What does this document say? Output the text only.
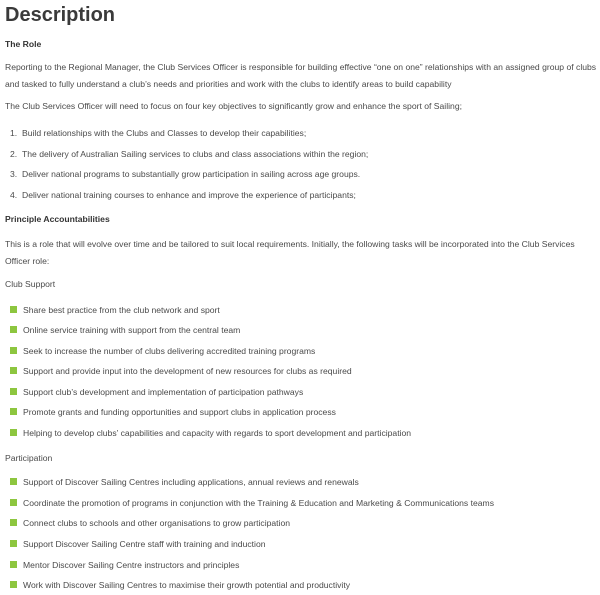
Description

The Role

Reporting to the Regional Manager, the Club Services Officer is responsible for building effective “one on one” relationships with an assigned group of clubs and tasked to fully understand a club’s needs and priorities and work with the clubs to identify areas to build capability

The Club Services Officer will need to focus on four key objectives to significantly grow and enhance the sport of Sailing;

1. Build relationships with the Clubs and Classes to develop their capabilities;

2. The delivery of Australian Sailing services to clubs and class associations within the region;

3. Deliver national programs to substantially grow participation in sailing across age groups.

4. Deliver national training courses to enhance and improve the experience of participants;

Principle Accountabilities

This is a role that will evolve over time and be tailored to suit local requirements. Initially, the following tasks will be incorporated into the Club Services Officer role:

Club Support

Share best practice from the club network and sport

Online service training with support from the central team

Seek to increase the number of clubs delivering accredited training programs

Support and provide input into the development of new resources for clubs as required

Support club’s development and implementation of participation pathways

Promote grants and funding opportunities and support clubs in application process

Helping to develop clubs’ capabilities and capacity with regards to sport development and participation

Participation

Support of Discover Sailing Centres including applications, annual reviews and renewals

Coordinate the promotion of programs in conjunction with the Training & Education and Marketing & Communications teams

Connect clubs to schools and other organisations to grow participation

Support Discover Sailing Centre staff with training and induction

Mentor Discover Sailing Centre instructors and principles

Work with Discover Sailing Centres to maximise their growth potential and productivity
